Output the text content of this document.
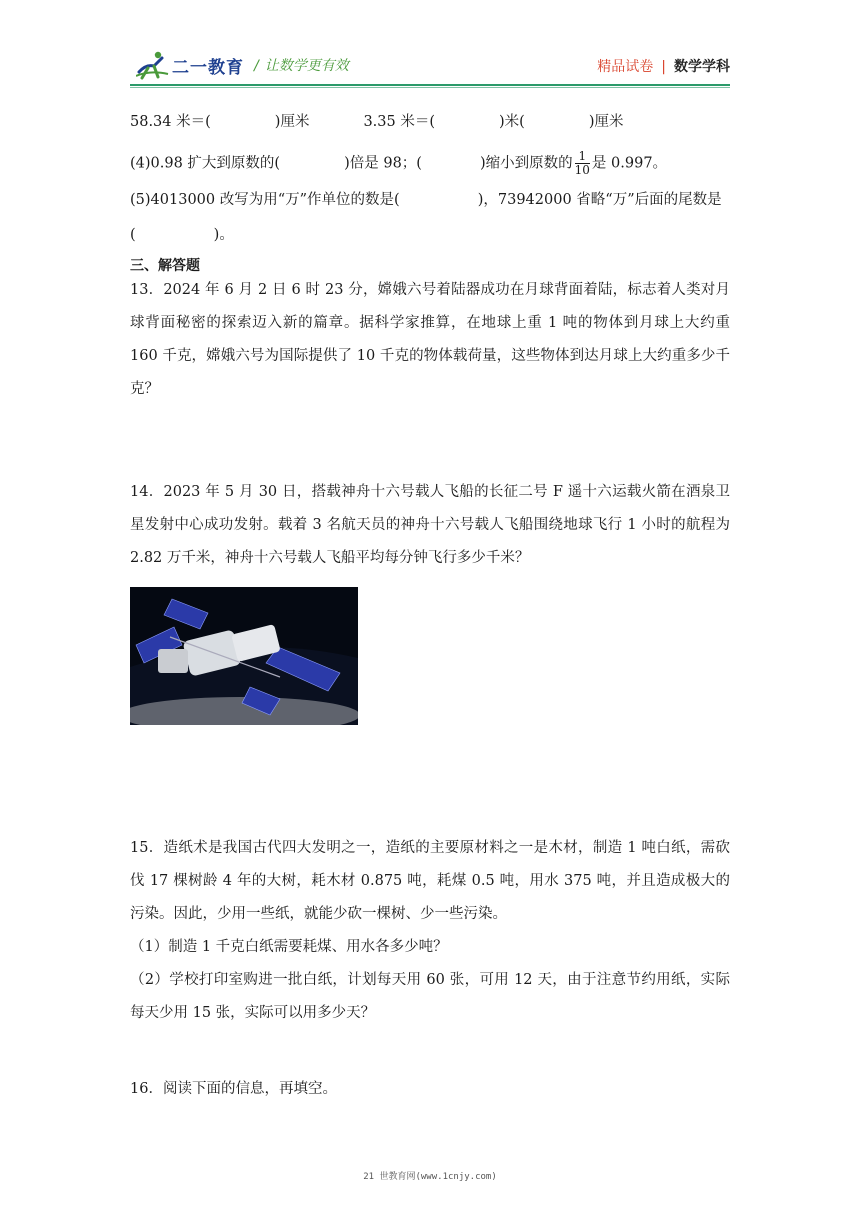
二一教育 / 让数学更有效	精品试卷 | 数学学科
58.34 米＝(	)厘米	3.35 米＝(	)米(	)厘米
(4)0.98 扩大到原数的(	)倍是 98；(	)缩小到原数的 $\frac{1}{10}$ 是 0.997。
(5)4013000 改写为用“万”作单位的数是(	)，73942000 省略“万”后面的尾数是
(	)。
三、解答题
13．2024 年 6 月 2 日 6 时 23 分，嫦娥六号着陆器成功在月球背面着陆，标志着人类对月球背面秘密的探索迈入新的篇章。据科学家推算，在地球上重 1 吨的物体到月球上大约重 160 千克，嫦娥六号为国际提供了 10 千克的物体载荷量，这些物体到达月球上大约重多少千克？
14．2023 年 5 月 30 日，搭载神舟十六号载人飞船的长征二号 F 遥十六运载火箭在酒泉卫星发射中心成功发射。载着 3 名航天员的神舟十六号载人飞船围绕地球飞行 1 小时的航程为 2.82 万千米，神舟十六号载人飞船平均每分钟飞行多少千米？
15．造纸术是我国古代四大发明之一，造纸的主要原材料之一是木材，制造 1 吨白纸，需砍伐 17 棵树龄 4 年的大树，耗木材 0.875 吨，耗煤 0.5 吨，用水 375 吨，并且造成极大的污染。因此，少用一些纸，就能少砍一棵树、少一些污染。
（1）制造 1 千克白纸需要耗煤、用水各多少吨？
（2）学校打印室购进一批白纸，计划每天用 60 张，可用 12 天，由于注意节约用纸，实际每天少用 15 张，实际可以用多少天？
16．阅读下面的信息，再填空。
21 世教育网(www.1cnjy.com)
